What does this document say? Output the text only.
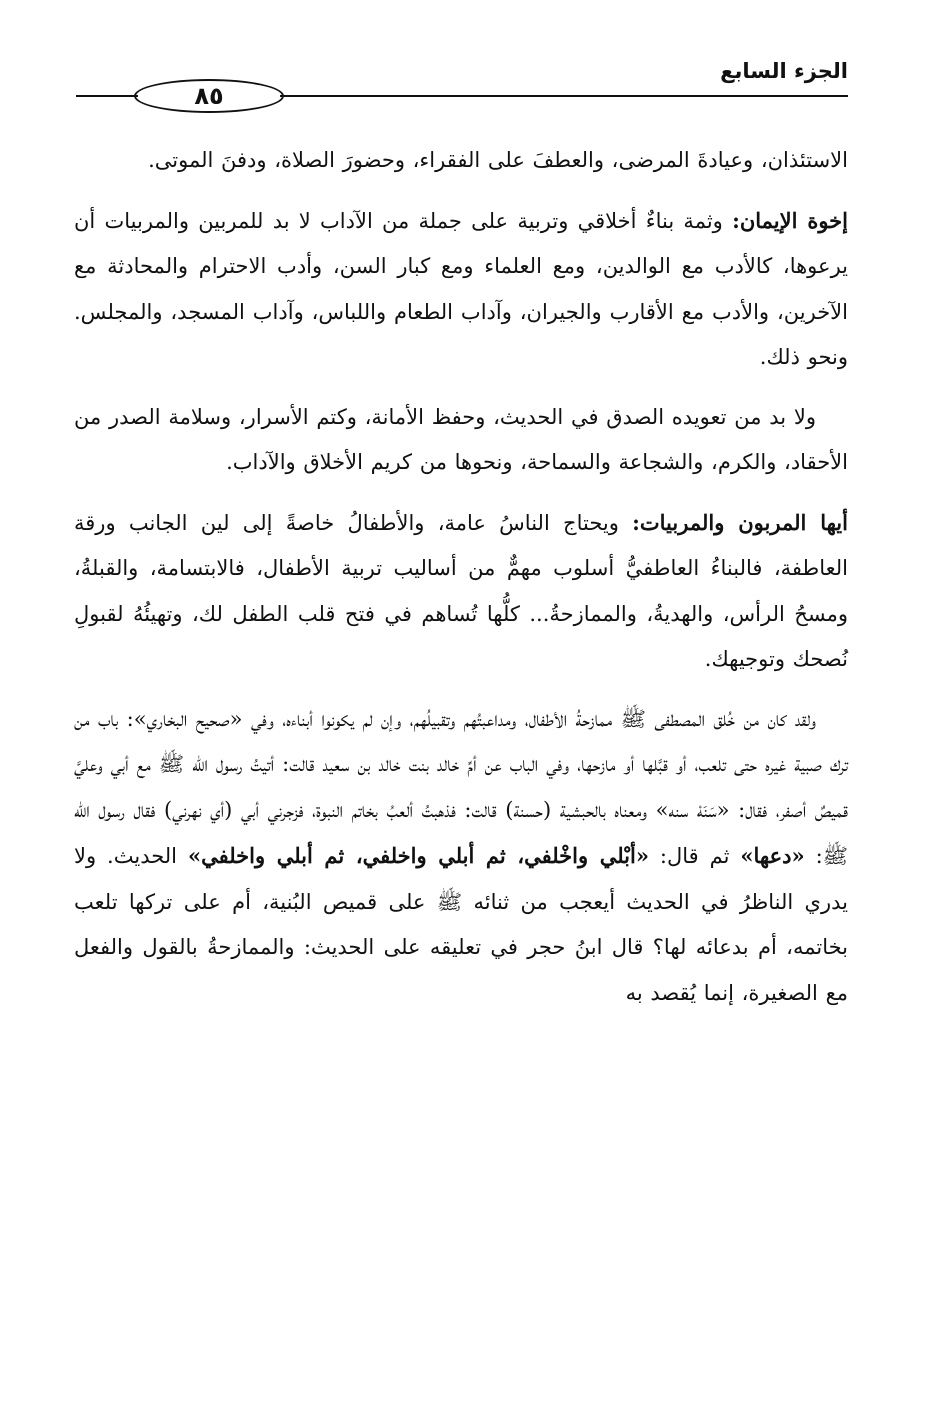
الجزء السابع
٨٥

الاستئذان، وعيادةَ المرضى، والعطفَ على الفقراء، وحضورَ الصلاة، ودفنَ الموتى.

إخوة الإيمان: وثمة بناءٌ أخلاقي وتربية على جملة من الآداب لا بد للمربين والمربيات أن يرعوها، كالأدب مع الوالدين، ومع العلماء ومع كبار السن، وأدب الاحترام والمحادثة مع الآخرين، والأدب مع الأقارب والجيران، وآداب الطعام واللباس، وآداب المسجد، والمجلس. ونحو ذلك.

ولا بد من تعويده الصدق في الحديث، وحفظ الأمانة، وكتم الأسرار، وسلامة الصدر من الأحقاد، والكرم، والشجاعة والسماحة، ونحوها من كريم الأخلاق والآداب.

أيها المربون والمربيات: ويحتاج الناسُ عامة، والأطفالُ خاصةً إلى لين الجانب ورقة العاطفة، فالبناءُ العاطفيُّ أسلوب مهمٌّ من أساليب تربية الأطفال، فالابتسامة، والقبلةُ، ومسحُ الرأس، والهديةُ، والممازحةُ... كلُّها تُساهم في فتح قلب الطفل لك، وتهيئُهُ لقبولِ نُصحك وتوجيهك.

ولقد كان من خُلق المصطفى ﷺ ممازحةُ الأطفال، ومداعبتُهم وتقبيلُهم، وإن لم يكونوا أبناءه، وفي «صحيح البخاري»: باب من ترك صبية غيره حتى تلعب، أو قبَّلها أو مازحها، وفي الباب عن أمِّ خالد بنت خالد بن سعيد قالت: أتيتُ رسول الله ﷺ مع أبي وعليَّ قميصٌ أصفر، فقال: «سَنَهْ سنه» ومعناه بالحبشية (حسنة) قالت: فذهبتُ ألعبُ بخاتم النبوة، فزجرني أبي (أي نهرني) فقال رسول الله ﷺ: «دعها» ثم قال: «أبْلي واخْلفي، ثم أبلي واخلفي، ثم أبلي واخلفي» الحديث. ولا يدري الناظرُ في الحديث أيعجب من ثنائه ﷺ على قميص البُنية، أم على تركها تلعب بخاتمه، أم بدعائه لها؟ قال ابنُ حجر في تعليقه على الحديث: والممازحةُ بالقول والفعل مع الصغيرة، إنما يُقصد به
